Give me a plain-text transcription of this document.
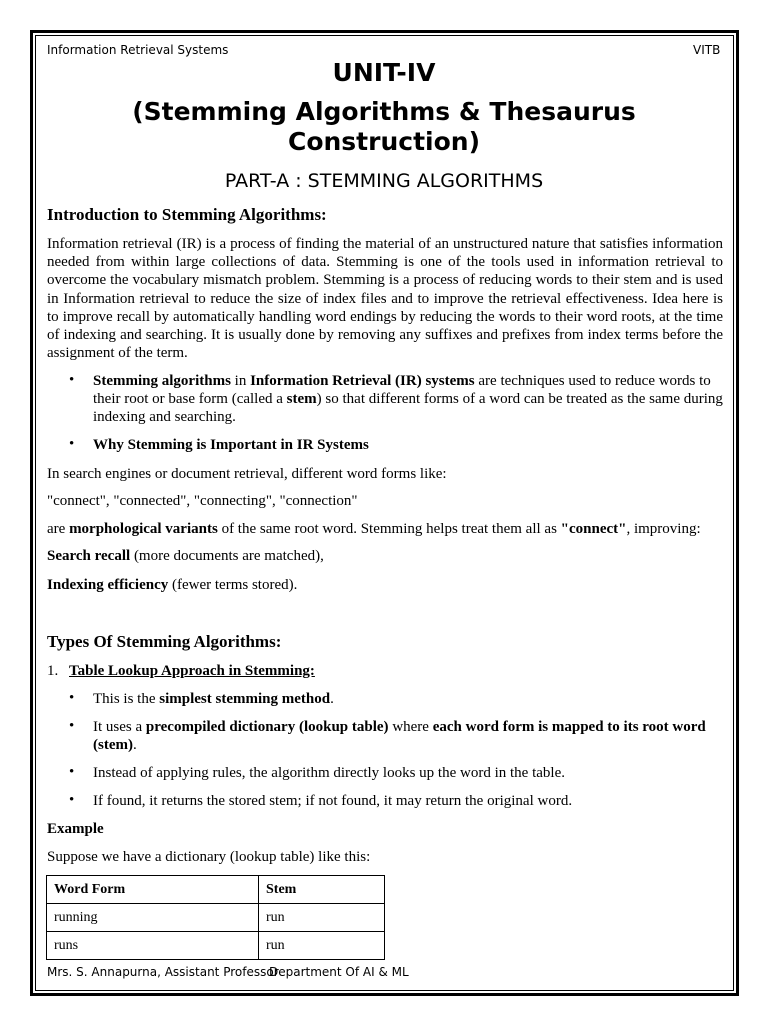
Information Retrieval Systems	VITB
UNIT-IV
(Stemming Algorithms & Thesaurus
Construction)
PART-A : STEMMING ALGORITHMS
Introduction to Stemming Algorithms:
Information retrieval (IR) is a process of finding the material of an unstructured nature that satisfies information needed from within large collections of data. Stemming is one of the tools used in information retrieval to overcome the vocabulary mismatch problem. Stemming is a process of reducing words to their stem and is used in Information retrieval to reduce the size of index files and to improve the retrieval effectiveness. Idea here is to improve recall by automatically handling word endings by reducing the words to their word roots, at the time of indexing and searching. It is usually done by removing any suffixes and prefixes from index terms before the assignment of the term.
• Stemming algorithms in Information Retrieval (IR) systems are techniques used to reduce words to their root or base form (called a stem) so that different forms of a word can be treated as the same during indexing and searching.
• Why Stemming is Important in IR Systems
In search engines or document retrieval, different word forms like:
"connect", "connected", "connecting", "connection"
are morphological variants of the same root word. Stemming helps treat them all as "connect", improving:
Search recall (more documents are matched),
Indexing efficiency (fewer terms stored).
Types Of Stemming Algorithms:
1. Table Lookup Approach in Stemming:
• This is the simplest stemming method.
• It uses a precompiled dictionary (lookup table) where each word form is mapped to its root word (stem).
• Instead of applying rules, the algorithm directly looks up the word in the table.
• If found, it returns the stored stem; if not found, it may return the original word.
Example
Suppose we have a dictionary (lookup table) like this:
Word Form	Stem
running	run
runs	run
Mrs. S. Annapurna, Assistant Professor
Department Of AI & ML
